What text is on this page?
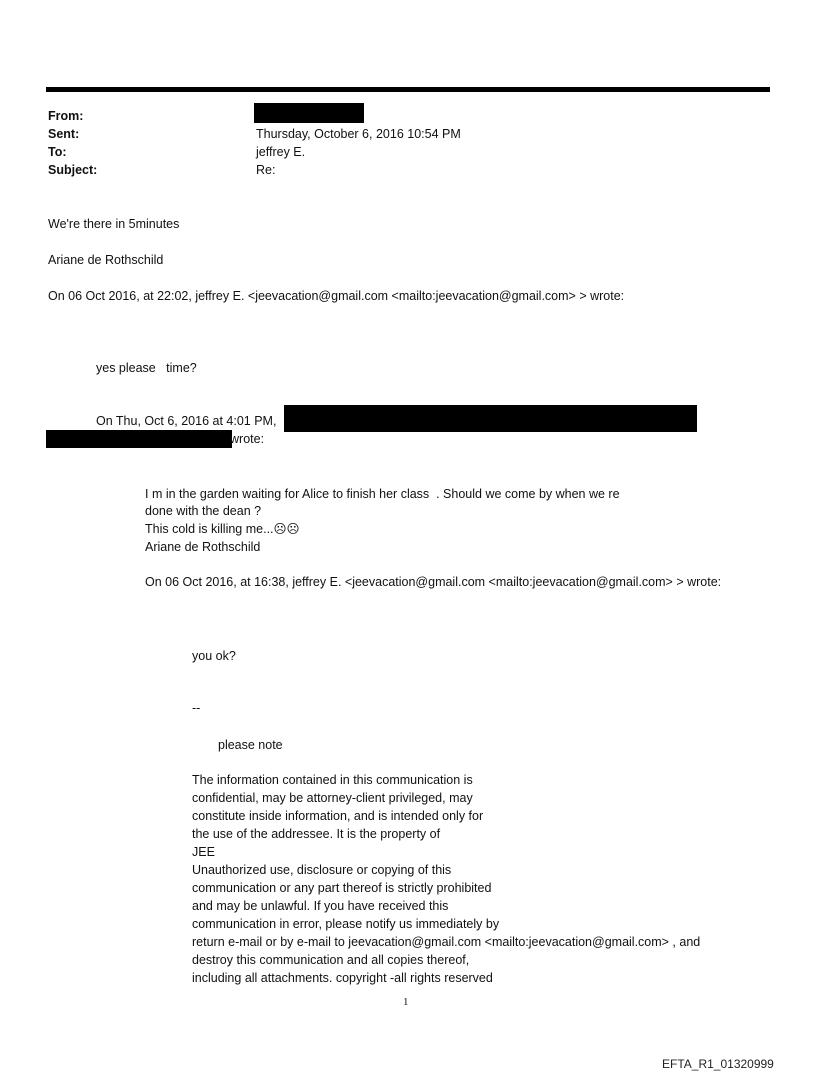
From:
Sent:
To:
Subject:
Thursday, October 6, 2016 10:54 PM
jeffrey E.
Re:
We're there in 5minutes
Ariane de Rothschild
On 06 Oct 2016, at 22:02, jeffrey E. <jeevacation@gmail.com <mailto:jeevacation@gmail.com> > wrote:
yes please   time?
On Thu, Oct 6, 2016 at 4:01 PM,
wrote:
I m in the garden waiting for Alice to finish her class  . Should we come by when we re
done with the dean ?
This cold is killing me...☹☹
Ariane de Rothschild
On 06 Oct 2016, at 16:38, jeffrey E. <jeevacation@gmail.com <mailto:jeevacation@gmail.com> > wrote:
you ok?
--
please note
The information contained in this communication is
confidential, may be attorney-client privileged, may
constitute inside information, and is intended only for
the use of the addressee. It is the property of
JEE
Unauthorized use, disclosure or copying of this
communication or any part thereof is strictly prohibited
and may be unlawful. If you have received this
communication in error, please notify us immediately by
return e-mail or by e-mail to jeevacation@gmail.com <mailto:jeevacation@gmail.com> , and
destroy this communication and all copies thereof,
including all attachments. copyright -all rights reserved
1
EFTA_R1_01320999
